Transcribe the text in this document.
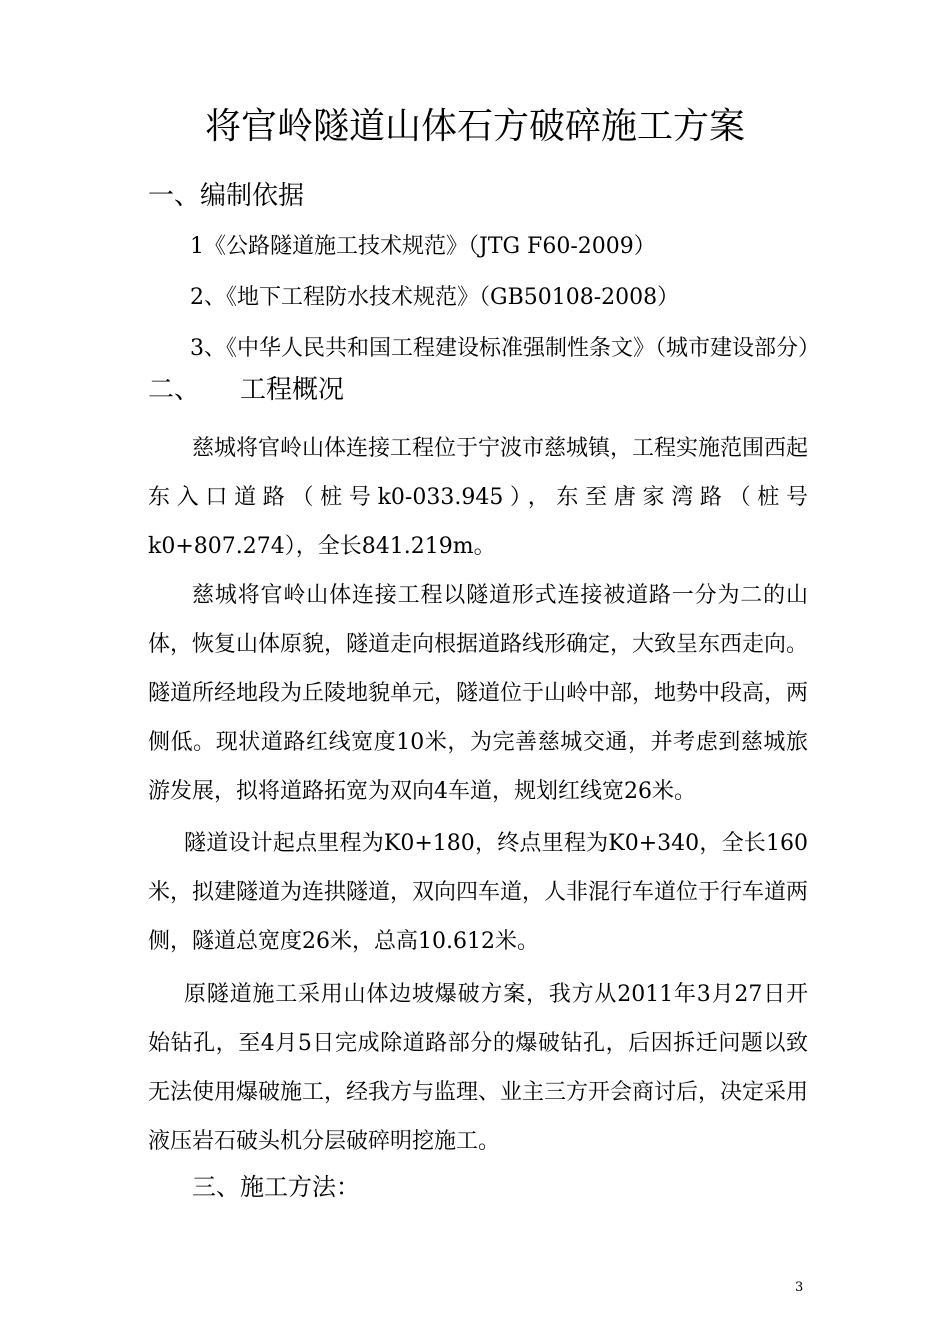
将官岭隧道山体石方破碎施工方案
一、编制依据
1《公路隧道施工技术规范》（JTG F60-2009）
2、《地下工程防水技术规范》（GB50108-2008）
3、《中华人民共和国工程建设标准强制性条文》（城市建设部分）
二、 工程概况

慈城将官岭山体连接工程位于宁波市慈城镇，工程实施范围西起东入口道路（桩号k0-033.945），东至唐家湾路（桩号k0+807.274），全长841.219m。

慈城将官岭山体连接工程以隧道形式连接被道路一分为二的山体，恢复山体原貌，隧道走向根据道路线形确定，大致呈东西走向。隧道所经地段为丘陵地貌单元，隧道位于山岭中部，地势中段高，两侧低。现状道路红线宽度10米，为完善慈城交通，并考虑到慈城旅游发展，拟将道路拓宽为双向4车道，规划红线宽26米。

隧道设计起点里程为K0+180，终点里程为K0+340，全长160米，拟建隧道为连拱隧道，双向四车道，人非混行车道位于行车道两侧，隧道总宽度26米，总高10.612米。

原隧道施工采用山体边坡爆破方案，我方从2011年3月27日开始钻孔，至4月5日完成除道路部分的爆破钻孔，后因拆迁问题以致无法使用爆破施工，经我方与监理、业主三方开会商讨后，决定采用液压岩石破头机分层破碎明挖施工。

三、施工方法：
3
